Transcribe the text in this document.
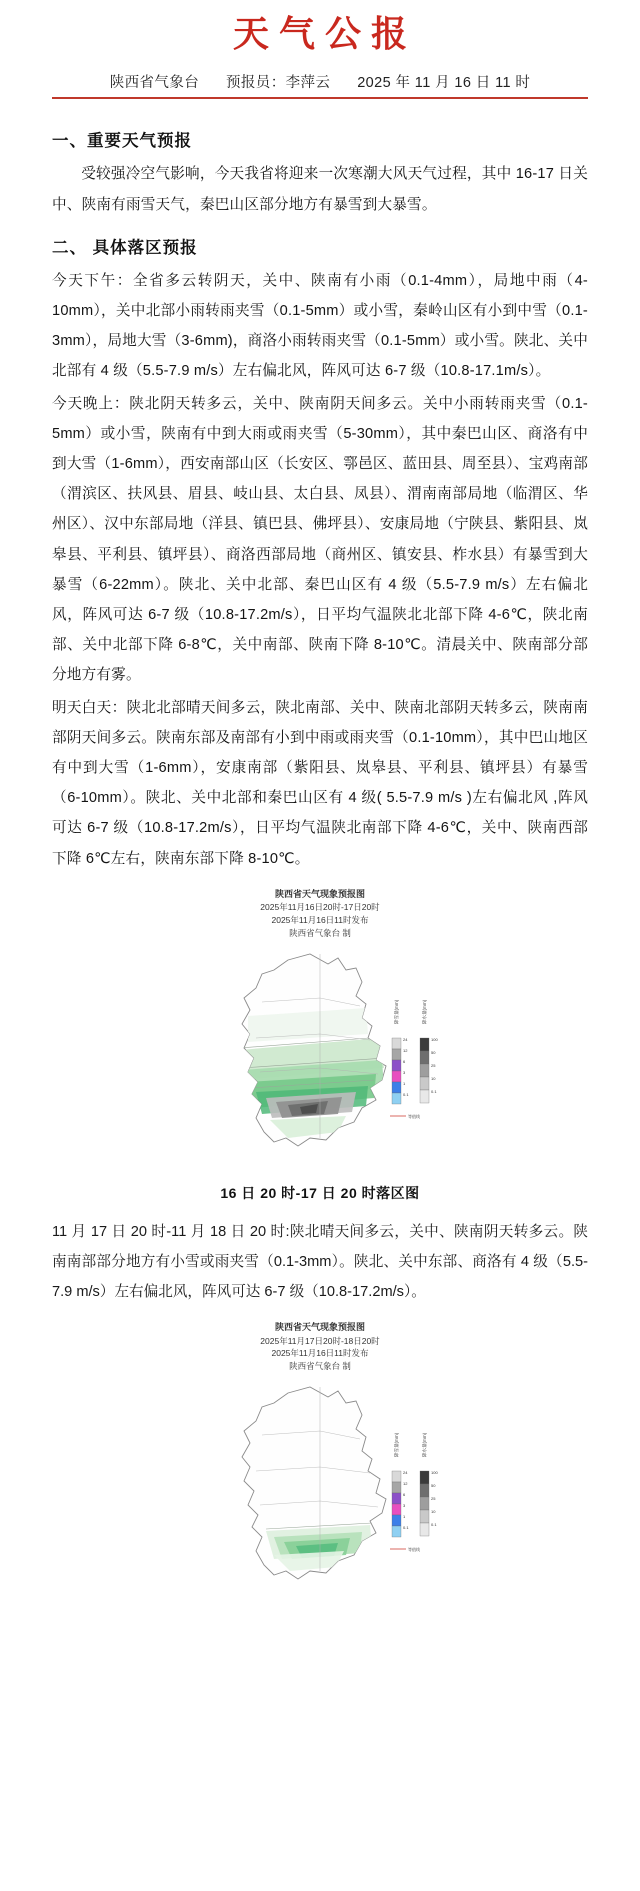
天气公报
陕西省气象台 预报员：李萍云 2025 年 11 月 16 日 11 时
一、重要天气预报

受较强冷空气影响，今天我省将迎来一次寒潮大风天气过程，其中 16-17 日关中、陕南有雨雪天气，秦巴山区部分地方有暴雪到大暴雪。

二、 具体落区预报

今天下午：全省多云转阴天，关中、陕南有小雨（0.1-4mm），局地中雨（4-10mm），关中北部小雨转雨夹雪（0.1-5mm）或小雪，秦岭山区有小到中雪（0.1-3mm），局地大雪（3-6mm)，商洛小雨转雨夹雪（0.1-5mm）或小雪。陕北、关中北部有 4 级（5.5-7.9 m/s）左右偏北风，阵风可达 6-7 级（10.8-17.1m/s）。

今天晚上：陕北阴天转多云，关中、陕南阴天间多云。关中小雨转雨夹雪（0.1-5mm）或小雪，陕南有中到大雨或雨夹雪（5-30mm），其中秦巴山区、商洛有中到大雪（1-6mm），西安南部山区（长安区、鄠邑区、蓝田县、周至县）、宝鸡南部（渭滨区、扶风县、眉县、岐山县、太白县、凤县）、渭南南部局地（临渭区、华州区）、汉中东部局地（洋县、镇巴县、佛坪县）、安康局地（宁陕县、紫阳县、岚皋县、平利县、镇坪县）、商洛西部局地（商州区、镇安县、柞水县）有暴雪到大暴雪（6-22mm）。陕北、关中北部、秦巴山区有 4 级（5.5-7.9 m/s）左右偏北风，阵风可达 6-7 级（10.8-17.2m/s），日平均气温陕北北部下降 4-6℃，陕北南部、关中北部下降 6-8℃，关中南部、陕南下降 8-10℃。清晨关中、陕南部分部分地方有雾。

明天白天：陕北北部晴天间多云，陕北南部、关中、陕南北部阴天转多云，陕南南部阴天间多云。陕南东部及南部有小到中雨或雨夹雪（0.1-10mm），其中巴山地区有中到大雪（1-6mm），安康南部（紫阳县、岚皋县、平利县、镇坪县）有暴雪（6-10mm）。陕北、关中北部和秦巴山区有 4 级( 5.5-7.9 m/s )左右偏北风 ,阵风可达 6-7 级（10.8-17.2m/s），日平均气温陕北南部下降 4-6℃，关中、陕南西部下降 6℃左右，陕南东部下降 8-10℃。

陕西省天气现象预报图
2025年11月16日20时-17日20时
2025年11月16日11时发布
陕西省气象台 制
降雪量(mm)	降水量(mm)
24
12
6
3
1
0.1
100
50
25
10
0.1
等值线
16 日 20 时-17 日 20 时落区图

11 月 17 日 20 时-11 月 18 日 20 时:陕北晴天间多云，关中、陕南阴天转多云。陕南南部部分地方有小雪或雨夹雪（0.1-3mm）。陕北、关中东部、商洛有 4 级（5.5-7.9 m/s）左右偏北风，阵风可达 6-7 级（10.8-17.2m/s）。

陕西省天气现象预报图
2025年11月17日20时-18日20时
2025年11月16日11时发布
陕西省气象台 制
降雪量(mm)	降水量(mm)
24
12
6
3
1
0.1
100
50
25
10
0.1
等值线
